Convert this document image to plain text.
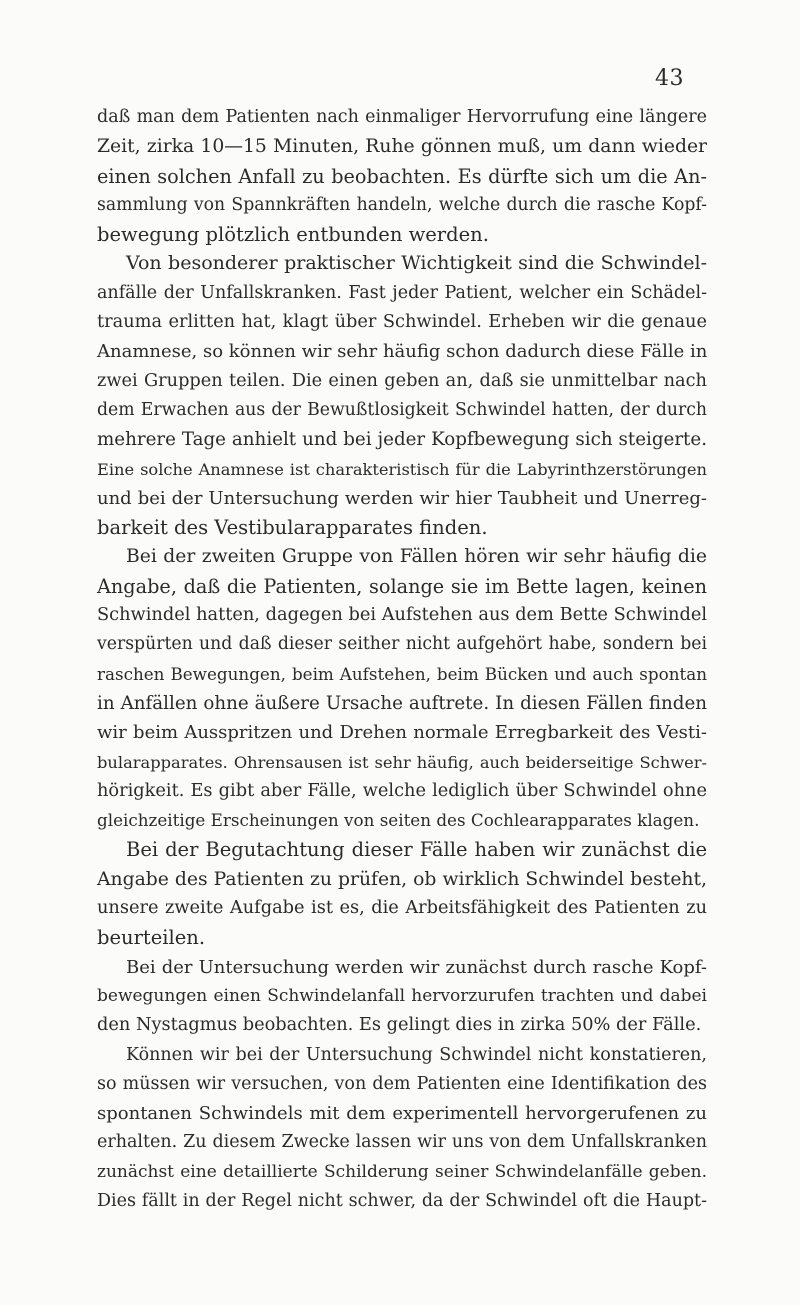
43
daß man dem Patienten nach einmaliger Hervorrufung eine längere
Zeit, zirka 10—15 Minuten, Ruhe gönnen muß, um dann wieder
einen solchen Anfall zu beobachten. Es dürfte sich um die An-
sammlung von Spannkräften handeln, welche durch die rasche Kopf-
bewegung plötzlich entbunden werden.
Von besonderer praktischer Wichtigkeit sind die Schwindel-
anfälle der Unfallskranken. Fast jeder Patient, welcher ein Schädel-
trauma erlitten hat, klagt über Schwindel. Erheben wir die genaue
Anamnese, so können wir sehr häufig schon dadurch diese Fälle in
zwei Gruppen teilen. Die einen geben an, daß sie unmittelbar nach
dem Erwachen aus der Bewußtlosigkeit Schwindel hatten, der durch
mehrere Tage anhielt und bei jeder Kopfbewegung sich steigerte.
Eine solche Anamnese ist charakteristisch für die Labyrinthzerstörungen
und bei der Untersuchung werden wir hier Taubheit und Unerreg-
barkeit des Vestibularapparates finden.
Bei der zweiten Gruppe von Fällen hören wir sehr häufig die
Angabe, daß die Patienten, solange sie im Bette lagen, keinen
Schwindel hatten, dagegen bei Aufstehen aus dem Bette Schwindel
verspürten und daß dieser seither nicht aufgehört habe, sondern bei
raschen Bewegungen, beim Aufstehen, beim Bücken und auch spontan
in Anfällen ohne äußere Ursache auftrete. In diesen Fällen finden
wir beim Ausspritzen und Drehen normale Erregbarkeit des Vesti-
bularapparates. Ohrensausen ist sehr häufig, auch beiderseitige Schwer-
hörigkeit. Es gibt aber Fälle, welche lediglich über Schwindel ohne
gleichzeitige Erscheinungen von seiten des Cochlearapparates klagen.
Bei der Begutachtung dieser Fälle haben wir zunächst die
Angabe des Patienten zu prüfen, ob wirklich Schwindel besteht,
unsere zweite Aufgabe ist es, die Arbeitsfähigkeit des Patienten zu
beurteilen.
Bei der Untersuchung werden wir zunächst durch rasche Kopf-
bewegungen einen Schwindelanfall hervorzurufen trachten und dabei
den Nystagmus beobachten. Es gelingt dies in zirka 50% der Fälle.
Können wir bei der Untersuchung Schwindel nicht konstatieren,
so müssen wir versuchen, von dem Patienten eine Identifikation des
spontanen Schwindels mit dem experimentell hervorgerufenen zu
erhalten. Zu diesem Zwecke lassen wir uns von dem Unfallskranken
zunächst eine detaillierte Schilderung seiner Schwindelanfälle geben.
Dies fällt in der Regel nicht schwer, da der Schwindel oft die Haupt-
